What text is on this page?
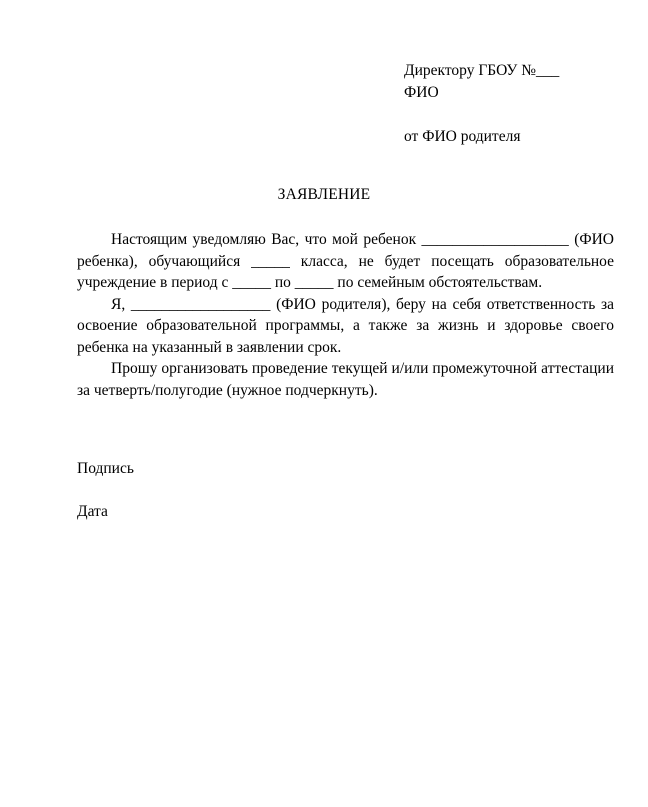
Директору ГБОУ №___
ФИО
от ФИО родителя
ЗАЯВЛЕНИЕ

Настоящим уведомляю Вас, что мой ребенок ___________________ (ФИО ребенка), обучающийся _____ класса, не будет посещать образовательное учреждение в период с _____ по _____ по семейным обстоятельствам.

Я, __________________ (ФИО родителя), беру на себя ответственность за освоение образовательной программы, а также за жизнь и здоровье своего ребенка на указанный в заявлении срок.

Прошу организовать проведение текущей и/или промежуточной аттестации за четверть/полугодие (нужное подчеркнуть).

Подпись
Дата
